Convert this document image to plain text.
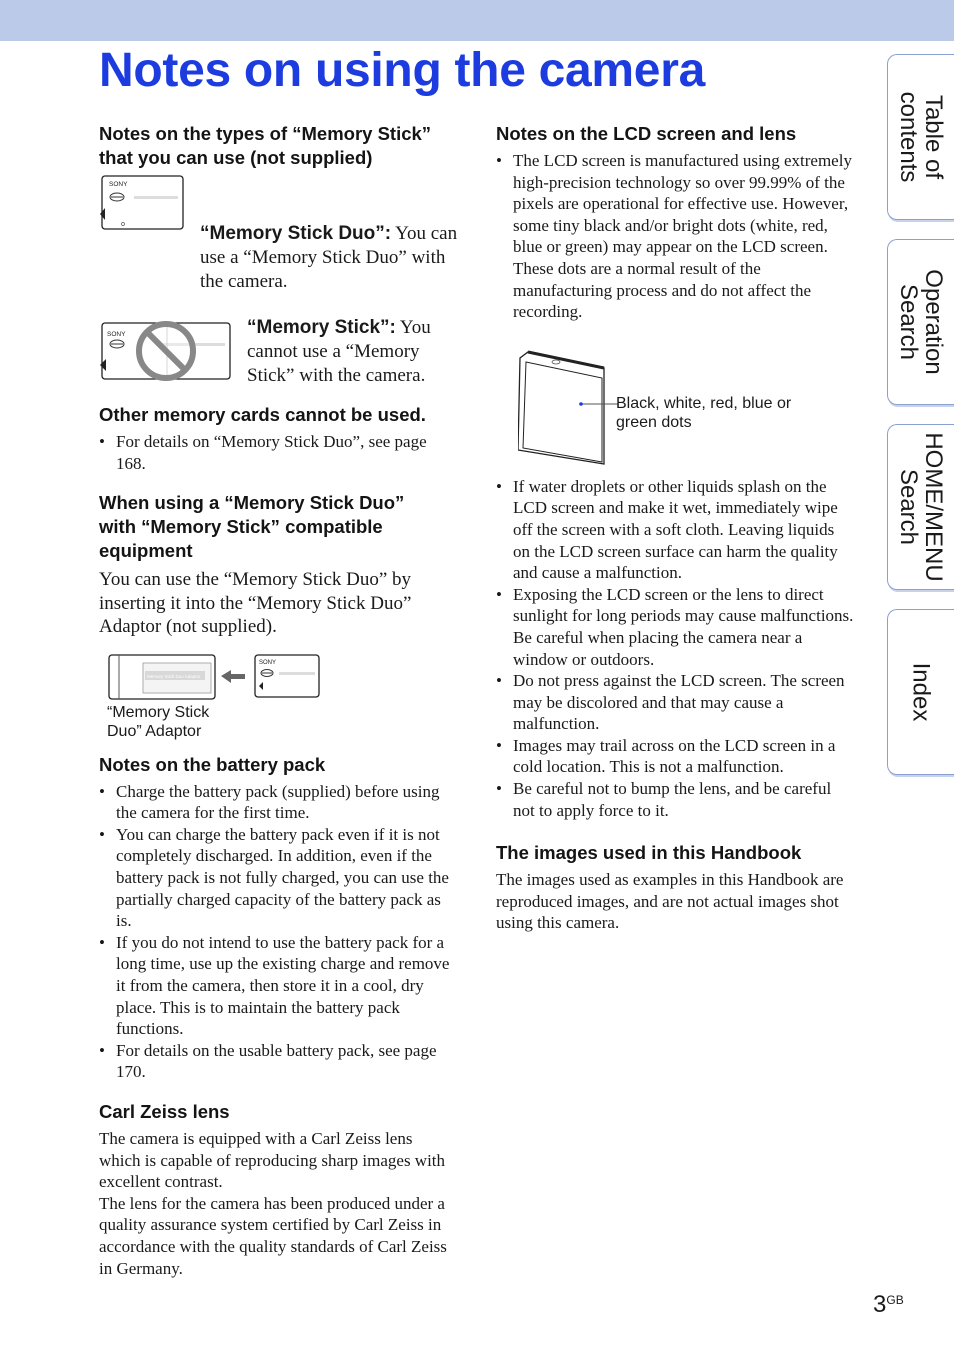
Notes on using the camera
Notes on the types of “Memory Stick” that you can use (not supplied)
SONY

“Memory Stick Duo”: You can use a “Memory Stick Duo” with the camera.

SONY	“Memory Stick”: You cannot use a “Memory Stick” with the camera.

Other memory cards cannot be used.
• For details on “Memory Stick Duo”, see page 168.
When using a “Memory Stick Duo” with “Memory Stick” compatible equipment

You can use the “Memory Stick Duo” by inserting it into the “Memory Stick Duo” Adaptor (not supplied).

Memory Stick Duo Adaptor
SONY
“Memory Stick
Duo” Adaptor
Notes on the battery pack
• Charge the battery pack (supplied) before using the camera for the first time.
• You can charge the battery pack even if it is not completely discharged. In addition, even if the battery pack is not fully charged, you can use the partially charged capacity of the battery pack as is.
• If you do not intend to use the battery pack for a long time, use up the existing charge and remove it from the camera, then store it in a cool, dry place. This is to maintain the battery pack functions.
• For details on the usable battery pack, see page 170.
Carl Zeiss lens

The camera is equipped with a Carl Zeiss lens which is capable of reproducing sharp images with excellent contrast.

The lens for the camera has been produced under a quality assurance system certified by Carl Zeiss in accordance with the quality standards of Carl Zeiss in Germany.

Notes on the LCD screen and lens
• The LCD screen is manufactured using extremely high-precision technology so over 99.99% of the pixels are operational for effective use. However, some tiny black and/or bright dots (white, red, blue or green) may appear on the LCD screen. These dots are a normal result of the manufacturing process and do not affect the recording.
Black, white, red, blue or
green dots
• If water droplets or other liquids splash on the LCD screen and make it wet, immediately wipe off the screen with a soft cloth. Leaving liquids on the LCD screen surface can harm the quality and cause a malfunction.
• Exposing the LCD screen or the lens to direct sunlight for long periods may cause malfunctions. Be careful when placing the camera near a window or outdoors.
• Do not press against the LCD screen. The screen may be discolored and that may cause a malfunction.
• Images may trail across on the LCD screen in a cold location. This is not a malfunction.
• Be careful not to bump the lens, and be careful not to apply force to it.
The images used in this Handbook

The images used as examples in this Handbook are reproduced images, and are not actual images shot using this camera.

Table of
contents
Operation
Search
HOME/MENU
Search
Index
$3^{GB}$
